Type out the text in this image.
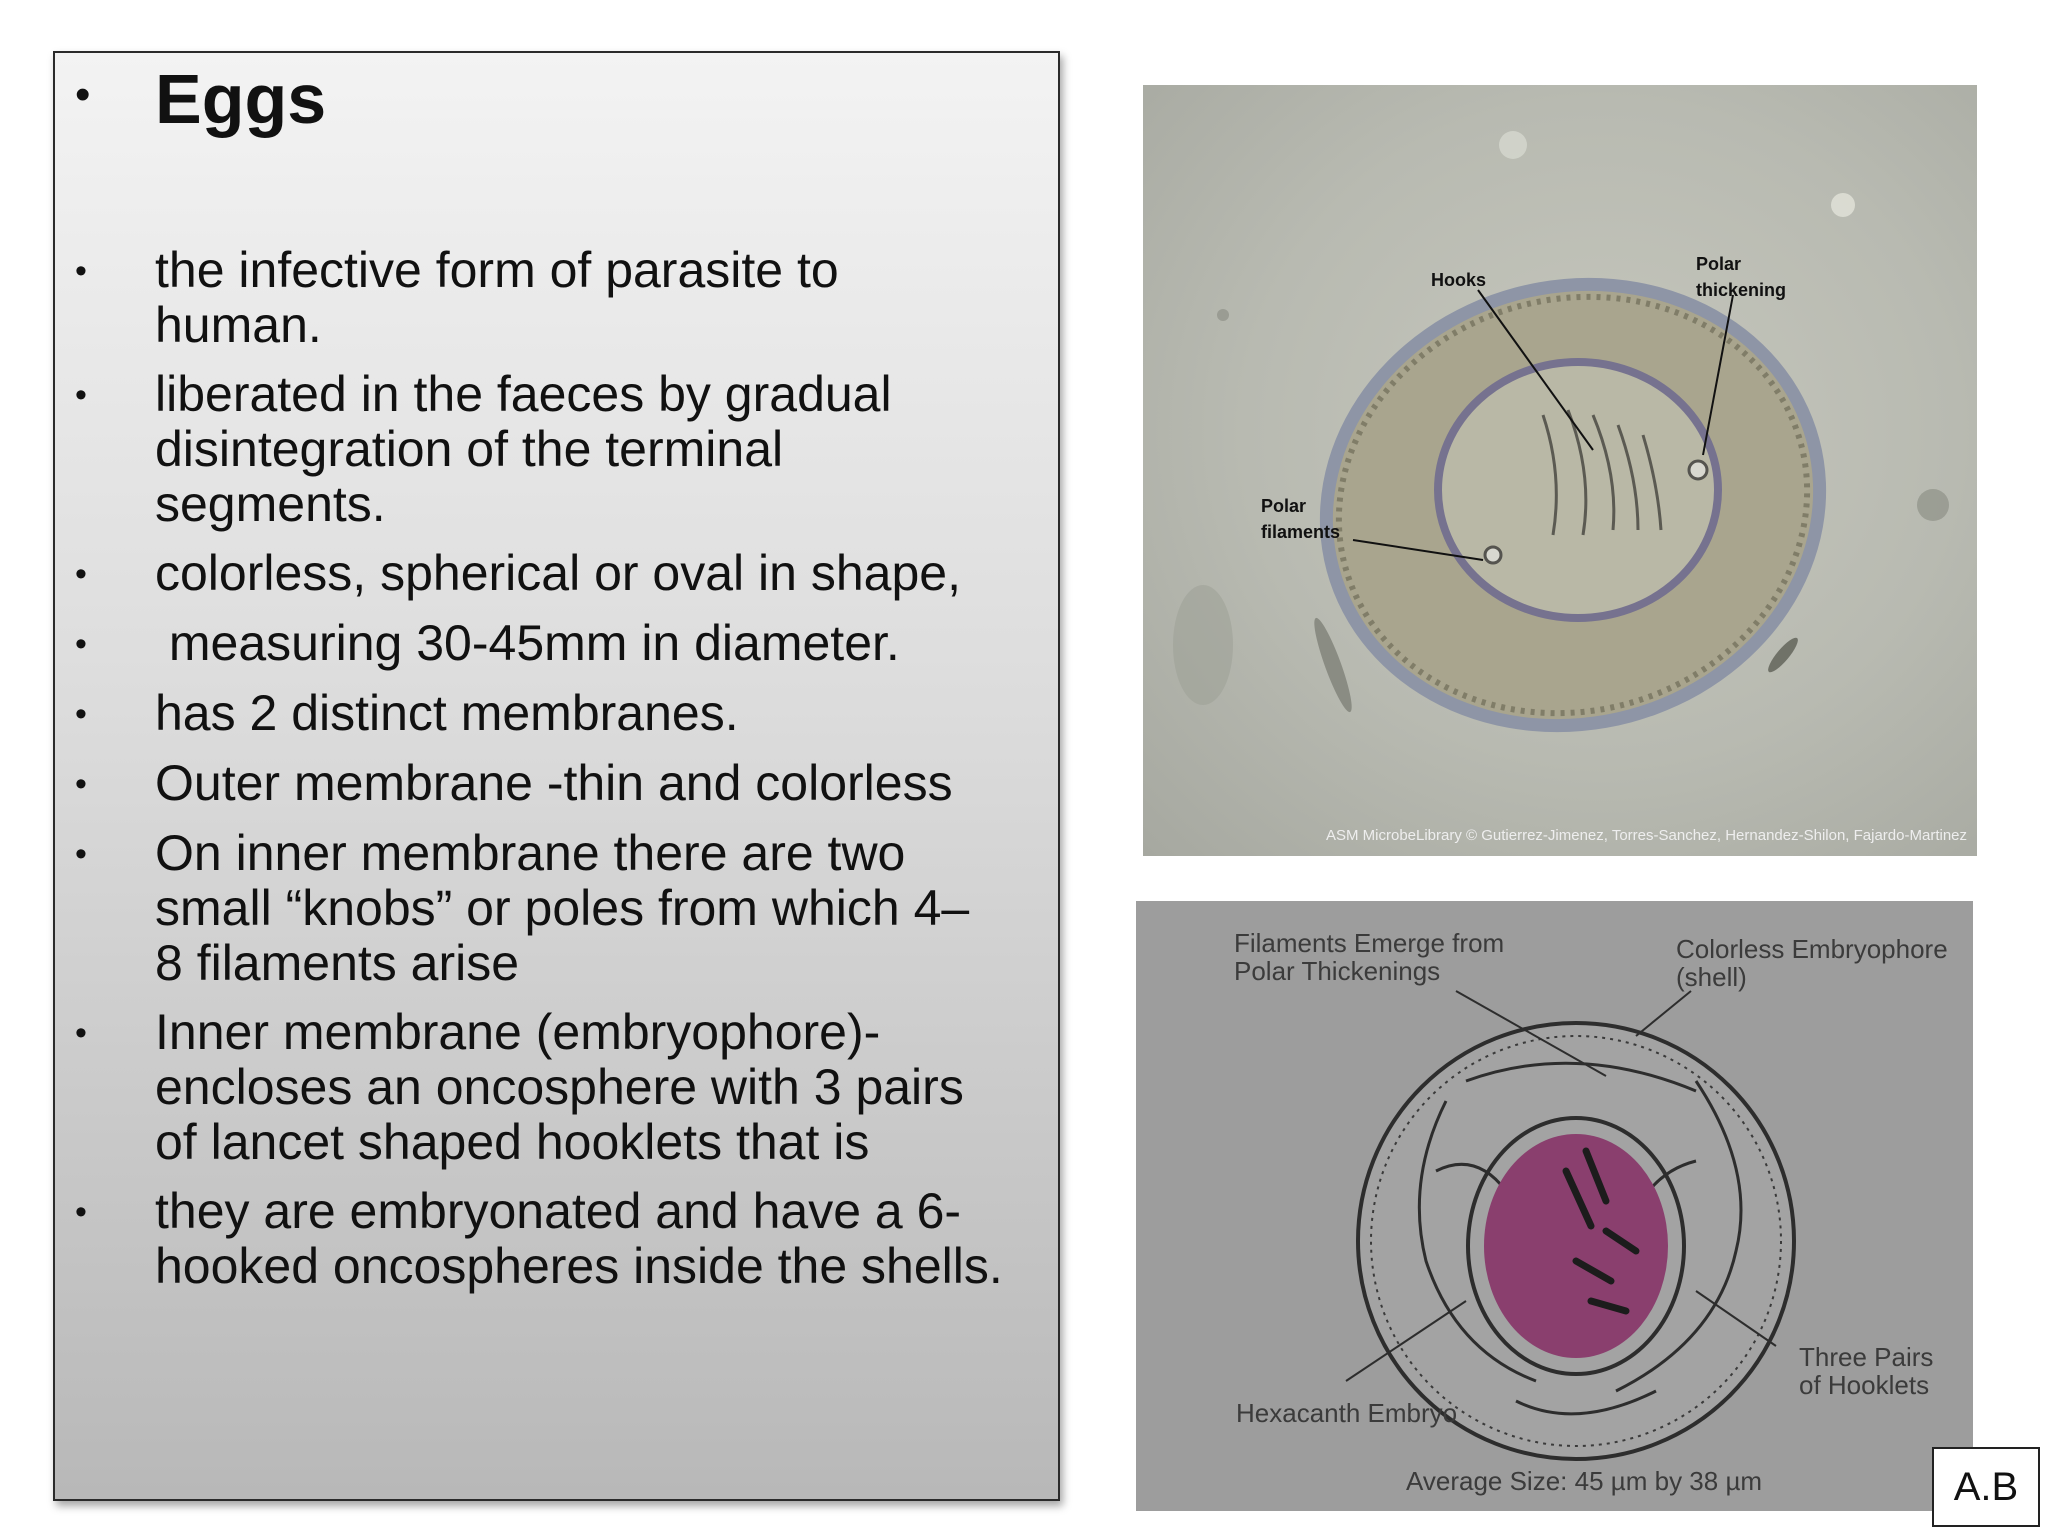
• Eggs
•	the infective form of parasite to
human.
•	liberated in the faeces by gradual
disintegration of the terminal
segments.
•	colorless, spherical or oval in shape,
•	measuring 30-45mm in diameter.
•	has 2 distinct membranes.
•	Outer membrane -thin and colorless
•	On inner membrane there are two
small “knobs” or poles from which 4–
8 filaments arise
•	Inner membrane (embryophore)-
encloses an oncosphere with 3 pairs
of lancet shaped hooklets that is
•	they are embryonated and have a 6-
hooked oncospheres inside the shells.
Hooks
Polar
thickening
Polar
filaments
ASM MicrobeLibrary © Gutierrez-Jimenez, Torres-Sanchez, Hernandez-Shilon, Fajardo-Martinez
Filaments Emerge from
Polar Thickenings
Colorless Embryophore
(shell)
Hexacanth Embryo
Three Pairs
of Hooklets
Average Size: 45 µm by 38 µm	A.B
